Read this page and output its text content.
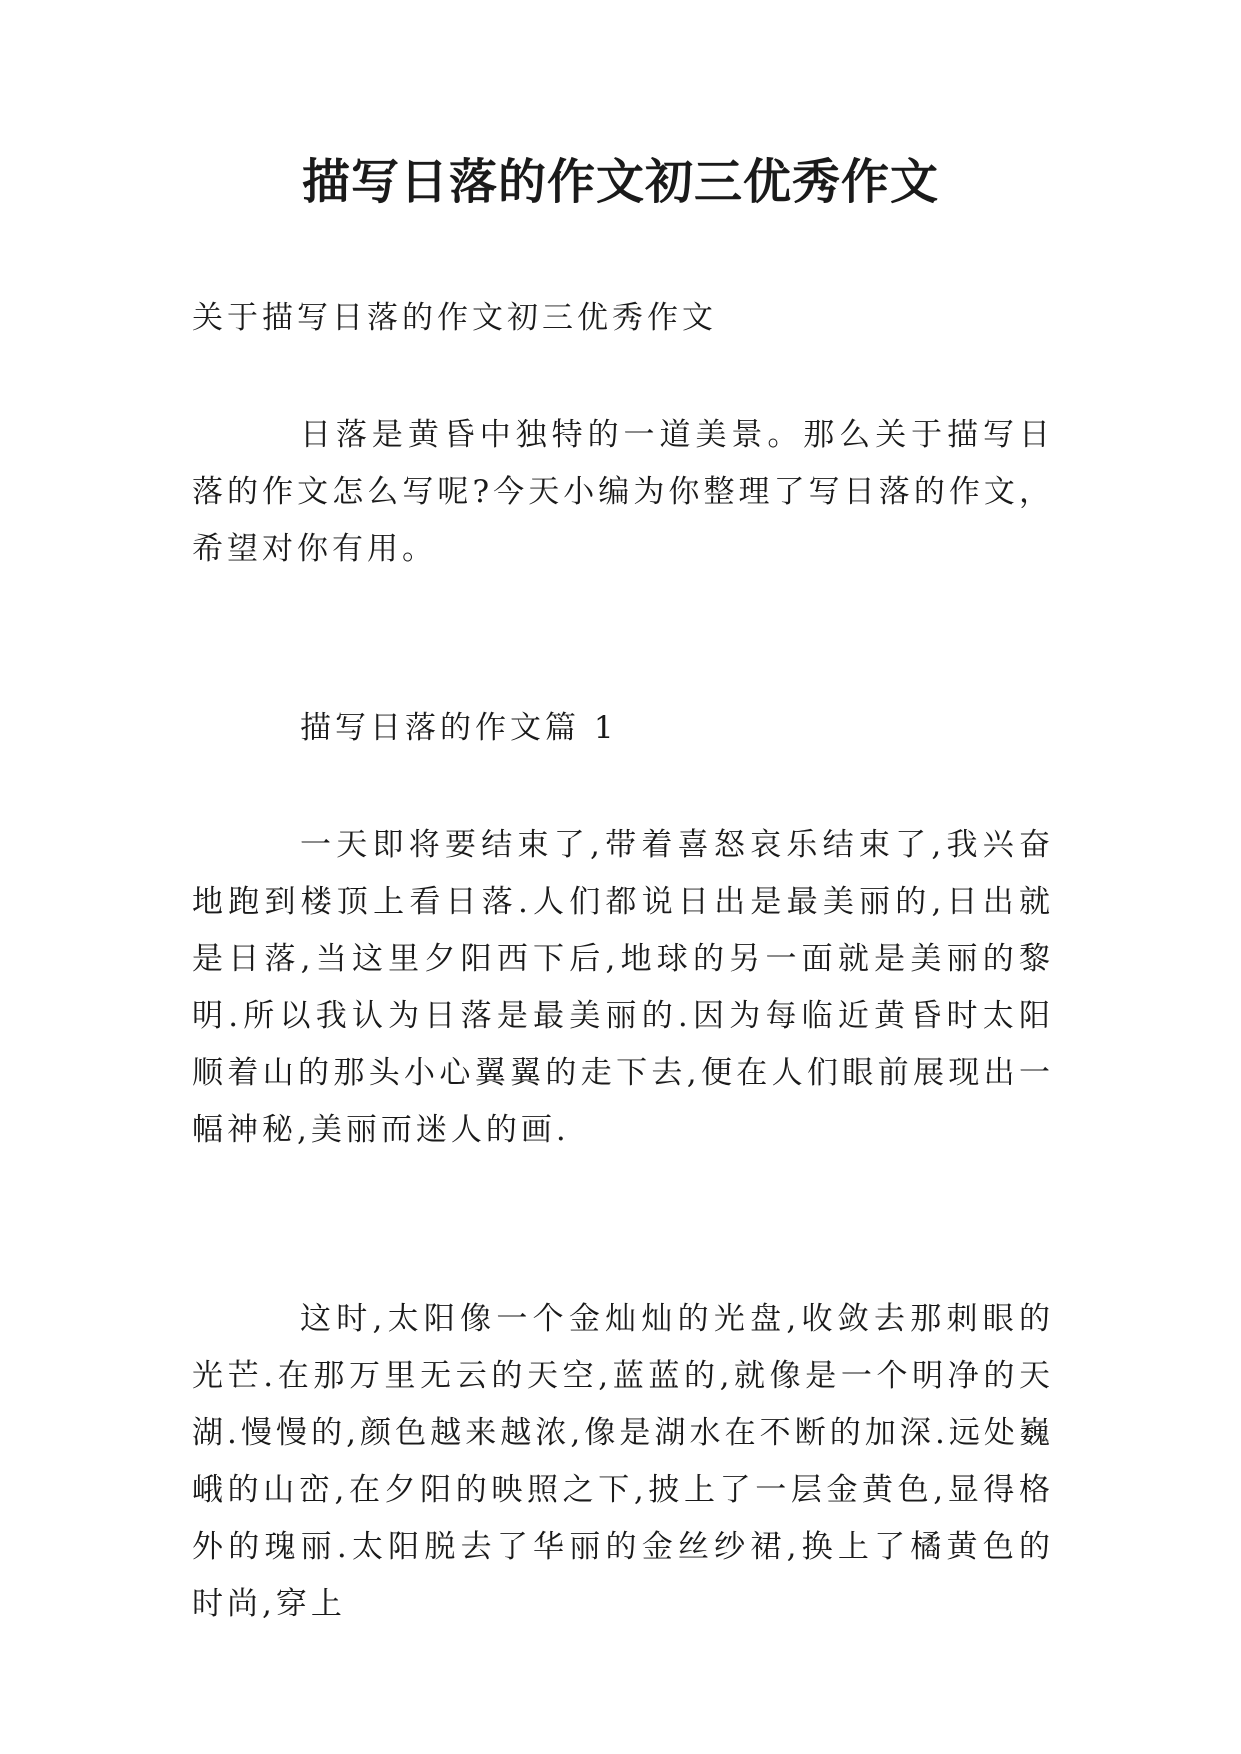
描写日落的作文初三优秀作文

关于描写日落的作文初三优秀作文

日落是黄昏中独特的一道美景。那么关于描写日落的作文怎么写呢?今天小编为你整理了写日落的作文，希望对你有用。

描写日落的作文篇 1

一天即将要结束了,带着喜怒哀乐结束了,我兴奋地跑到楼顶上看日落.人们都说日出是最美丽的,日出就是日落,当这里夕阳西下后,地球的另一面就是美丽的黎明.所以我认为日落是最美丽的.因为每临近黄昏时太阳顺着山的那头小心翼翼的走下去,便在人们眼前展现出一幅神秘,美丽而迷人的画.

这时,太阳像一个金灿灿的光盘,收敛去那刺眼的光芒.在那万里无云的天空,蓝蓝的,就像是一个明净的天湖.慢慢的,颜色越来越浓,像是湖水在不断的加深.远处巍峨的山峦,在夕阳的映照之下,披上了一层金黄色,显得格外的瑰丽.太阳脱去了华丽的金丝纱裙,换上了橘黄色的时尚,穿上
